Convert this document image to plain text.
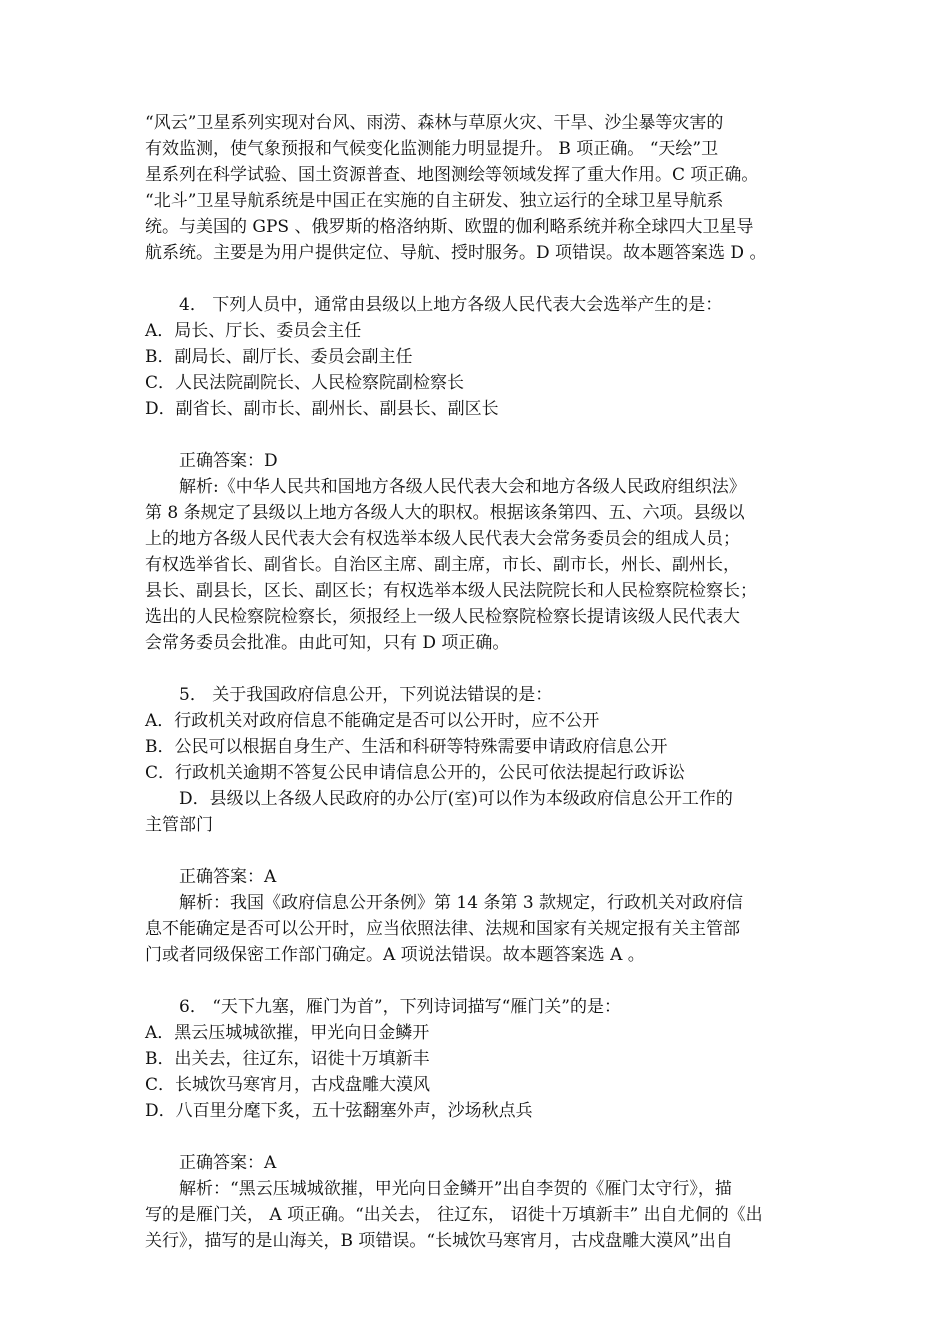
“风云”卫星系列实现对台风、雨涝、森林与草原火灾、干旱、沙尘暴等灾害的
有效监测，使气象预报和气候变化监测能力明显提升。 B 项正确。 “天绘”卫
星系列在科学试验、国土资源普查、地图测绘等领域发挥了重大作用。C 项正确。
“北斗”卫星导航系统是中国正在实施的自主研发、独立运行的全球卫星导航系
统。与美国的 GPS 、俄罗斯的格洛纳斯、欧盟的伽利略系统并称全球四大卫星导
航系统。主要是为用户提供定位、导航、授时服务。D 项错误。故本题答案选 D 。
4． 下列人员中，通常由县级以上地方各级人民代表大会选举产生的是：
A．局长、厅长、委员会主任
B．副局长、副厅长、委员会副主任
C．人民法院副院长、人民检察院副检察长
D．副省长、副市长、副州长、副县长、副区长
正确答案：D
解析:《中华人民共和国地方各级人民代表大会和地方各级人民政府组织法》
第 8 条规定了县级以上地方各级人大的职权。根据该条第四、五、六项。县级以
上的地方各级人民代表大会有权选举本级人民代表大会常务委员会的组成人员；
有权选举省长、副省长。自治区主席、副主席，市长、副市长，州长、副州长，
县长、副县长，区长、副区长；有权选举本级人民法院院长和人民检察院检察长；
选出的人民检察院检察长，须报经上一级人民检察院检察长提请该级人民代表大
会常务委员会批准。由此可知，只有 D 项正确。
5． 关于我国政府信息公开，下列说法错误的是：
A．行政机关对政府信息不能确定是否可以公开时，应不公开
B．公民可以根据自身生产、生活和科研等特殊需要申请政府信息公开
C．行政机关逾期不答复公民申请信息公开的，公民可依法提起行政诉讼
D．县级以上各级人民政府的办公厅(室)可以作为本级政府信息公开工作的
主管部门
正确答案：A
解析：我国《政府信息公开条例》第 14 条第 3 款规定，行政机关对政府信
息不能确定是否可以公开时，应当依照法律、法规和国家有关规定报有关主管部
门或者同级保密工作部门确定。A 项说法错误。故本题答案选 A 。
6． “天下九塞，雁门为首”，下列诗词描写“雁门关”的是：
A．黑云压城城欲摧，甲光向日金鳞开
B．出关去，往辽东，诏徙十万填新丰
C．长城饮马寒宵月，古戍盘雕大漠风
D．八百里分麾下炙，五十弦翻塞外声，沙场秋点兵
正确答案：A
解析：“黑云压城城欲摧，甲光向日金鳞开”出自李贺的《雁门太守行》，描
写的是雁门关， A 项正确。“出关去， 往辽东， 诏徙十万填新丰” 出自尤侗的《出
关行》，描写的是山海关，B 项错误。“长城饮马寒宵月，古戍盘雕大漠风”出自
